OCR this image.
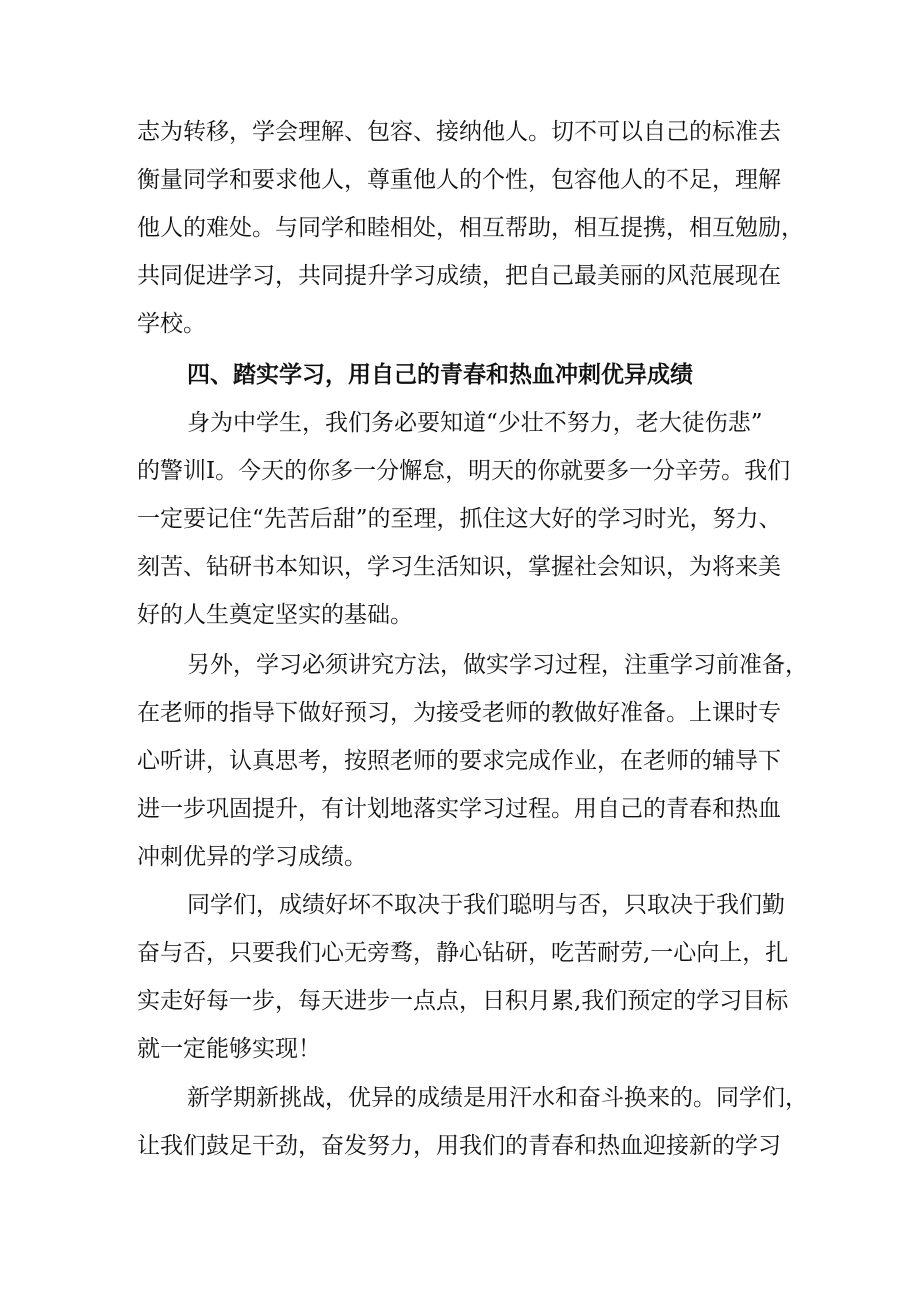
志为转移，学会理解、包容、接纳他人。切不可以自己的标准去
衡量同学和要求他人，尊重他人的个性，包容他人的不足，理解
他人的难处。与同学和睦相处，相互帮助，相互提携，相互勉励，
共同促进学习，共同提升学习成绩，把自己最美丽的风范展现在
学校。
四、踏实学习，用自己的青春和热血冲刺优异成绩
身为中学生，我们务必要知道“少壮不努力，老大徒伤悲”
的警训I。今天的你多一分懈怠，明天的你就要多一分辛劳。我们
一定要记住“先苦后甜”的至理，抓住这大好的学习时光，努力、
刻苦、钻研书本知识，学习生活知识，掌握社会知识，为将来美
好的人生奠定坚实的基础。
另外，学习必须讲究方法，做实学习过程，注重学习前准备，
在老师的指导下做好预习，为接受老师的教做好准备。上课时专
心听讲，认真思考，按照老师的要求完成作业，在老师的辅导下
进一步巩固提升，有计划地落实学习过程。用自己的青春和热血
冲刺优异的学习成绩。
同学们，成绩好坏不取决于我们聪明与否，只取决于我们勤
奋与否，只要我们心无旁骛，静心钻研，吃苦耐劳,一心向上，扎
实走好每一步，每天进步一点点，日积月累,我们预定的学习目标
就一定能够实现！
新学期新挑战，优异的成绩是用汗水和奋斗换来的。同学们，
让我们鼓足干劲，奋发努力，用我们的青春和热血迎接新的学习
